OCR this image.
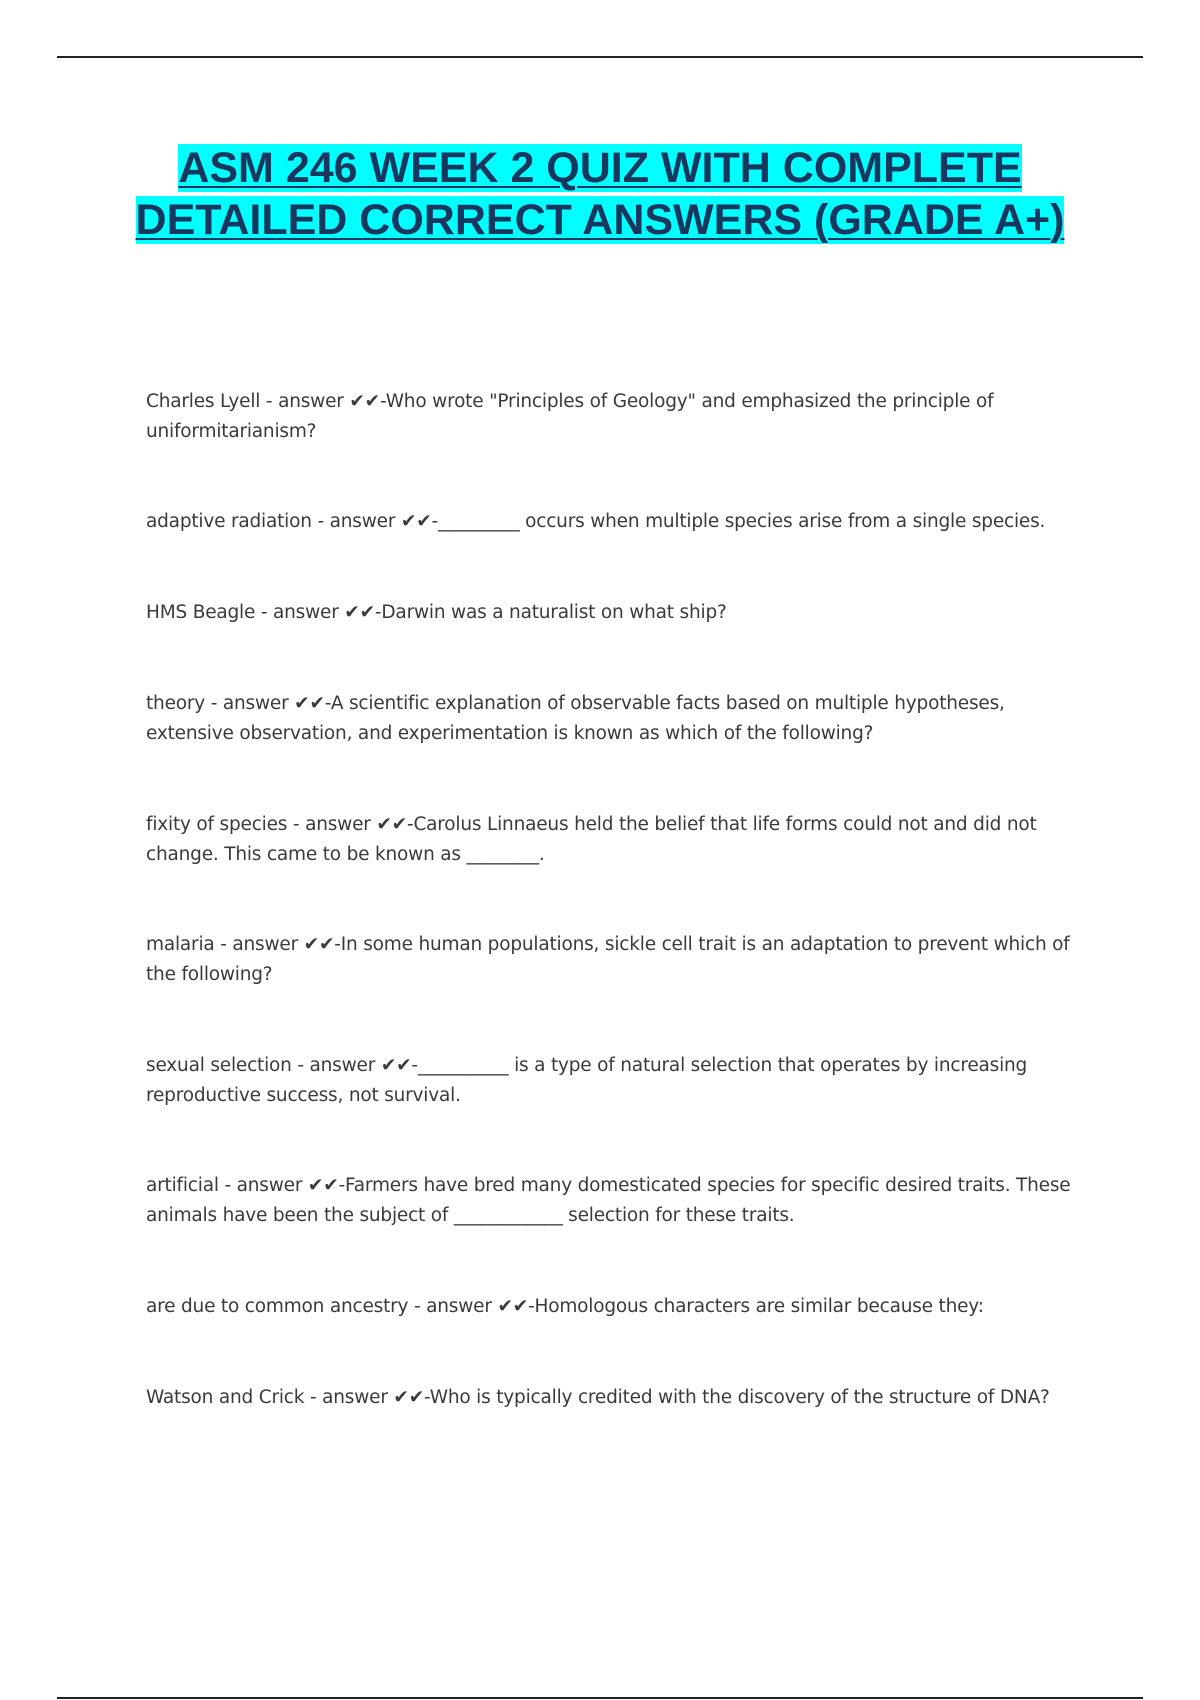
ASM 246 WEEK 2 QUIZ WITH COMPLETE DETAILED CORRECT ANSWERS (GRADE A+)
Charles Lyell - answer ✔✔-Who wrote "Principles of Geology" and emphasized the principle of uniformitarianism?
adaptive radiation - answer ✔✔-_________ occurs when multiple species arise from a single species.
HMS Beagle - answer ✔✔-Darwin was a naturalist on what ship?
theory - answer ✔✔-A scientific explanation of observable facts based on multiple hypotheses, extensive observation, and experimentation is known as which of the following?
fixity of species - answer ✔✔-Carolus Linnaeus held the belief that life forms could not and did not change. This came to be known as ________.
malaria - answer ✔✔-In some human populations, sickle cell trait is an adaptation to prevent which of the following?
sexual selection - answer ✔✔-__________ is a type of natural selection that operates by increasing reproductive success, not survival.
artificial - answer ✔✔-Farmers have bred many domesticated species for specific desired traits. These animals have been the subject of ____________ selection for these traits.
are due to common ancestry - answer ✔✔-Homologous characters are similar because they:
Watson and Crick - answer ✔✔-Who is typically credited with the discovery of the structure of DNA?
